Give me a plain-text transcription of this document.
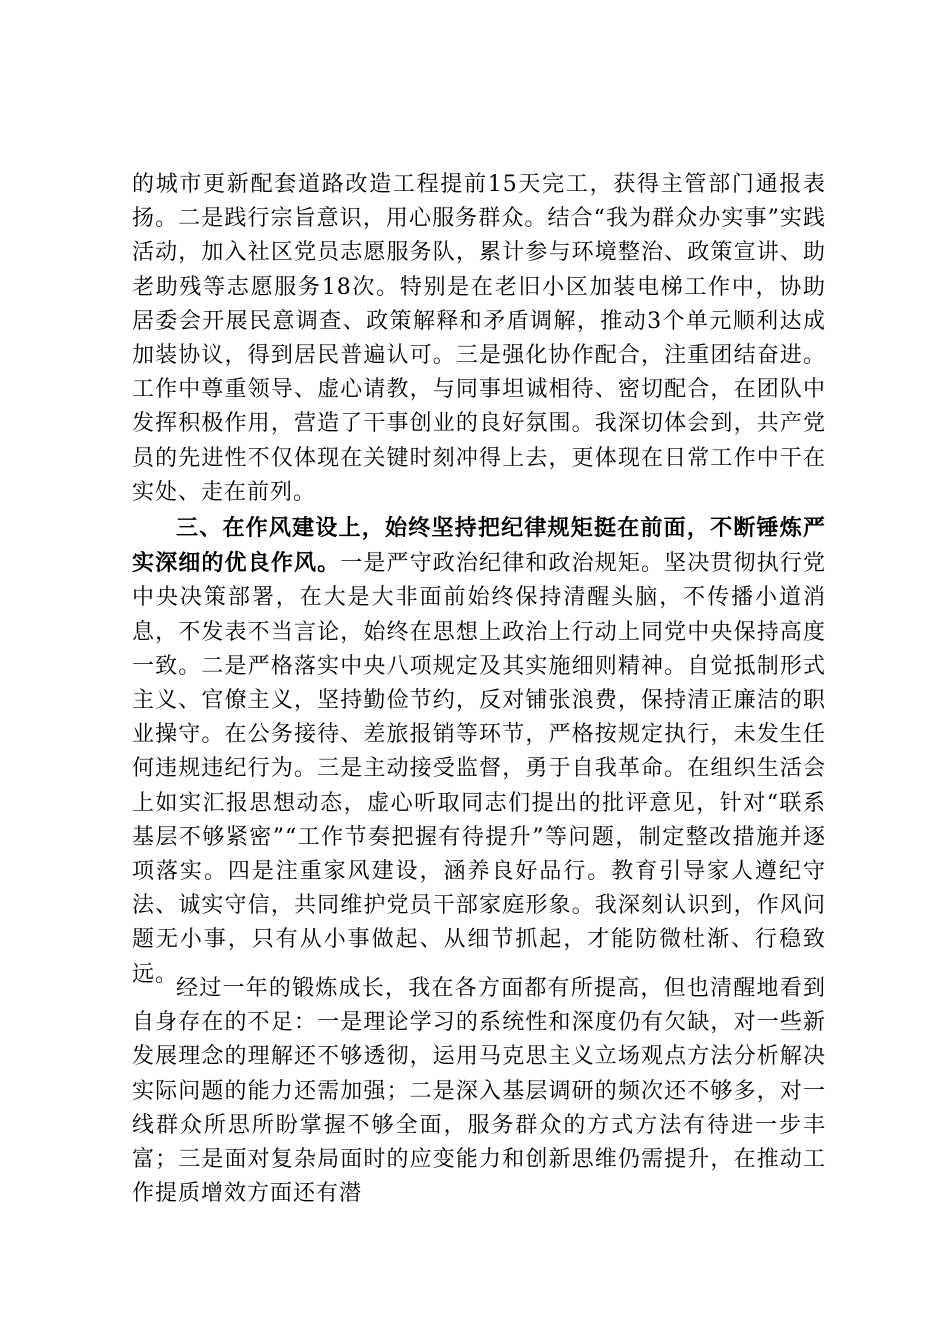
的城市更新配套道路改造工程提前15天完工，获得主管部门通报表扬。二是践行宗旨意识，用心服务群众。结合“我为群众办实事”实践活动，加入社区党员志愿服务队，累计参与环境整治、政策宣讲、助老助残等志愿服务18次。特别是在老旧小区加装电梯工作中，协助居委会开展民意调查、政策解释和矛盾调解，推动3个单元顺利达成加装协议，得到居民普遍认可。三是强化协作配合，注重团结奋进。工作中尊重领导、虚心请教，与同事坦诚相待、密切配合，在团队中发挥积极作用，营造了干事创业的良好氛围。我深切体会到，共产党员的先进性不仅体现在关键时刻冲得上去，更体现在日常工作中干在实处、走在前列。

三、在作风建设上，始终坚持把纪律规矩挺在前面，不断锤炼严实深细的优良作风。一是严守政治纪律和政治规矩。坚决贯彻执行党中央决策部署，在大是大非面前始终保持清醒头脑，不传播小道消息，不发表不当言论，始终在思想上政治上行动上同党中央保持高度一致。二是严格落实中央八项规定及其实施细则精神。自觉抵制形式主义、官僚主义，坚持勤俭节约，反对铺张浪费，保持清正廉洁的职业操守。在公务接待、差旅报销等环节，严格按规定执行，未发生任何违规违纪行为。三是主动接受监督，勇于自我革命。在组织生活会上如实汇报思想动态，虚心听取同志们提出的批评意见，针对“联系基层不够紧密”“工作节奏把握有待提升”等问题，制定整改措施并逐项落实。四是注重家风建设，涵养良好品行。教育引导家人遵纪守法、诚实守信，共同维护党员干部家庭形象。我深刻认识到，作风问题无小事，只有从小事做起、从细节抓起，才能防微杜渐、行稳致远。

经过一年的锻炼成长，我在各方面都有所提高，但也清醒地看到自身存在的不足：一是理论学习的系统性和深度仍有欠缺，对一些新发展理念的理解还不够透彻，运用马克思主义立场观点方法分析解决实际问题的能力还需加强；二是深入基层调研的频次还不够多，对一线群众所思所盼掌握不够全面，服务群众的方式方法有待进一步丰富；三是面对复杂局面时的应变能力和创新思维仍需提升，在推动工作提质增效方面还有潜
